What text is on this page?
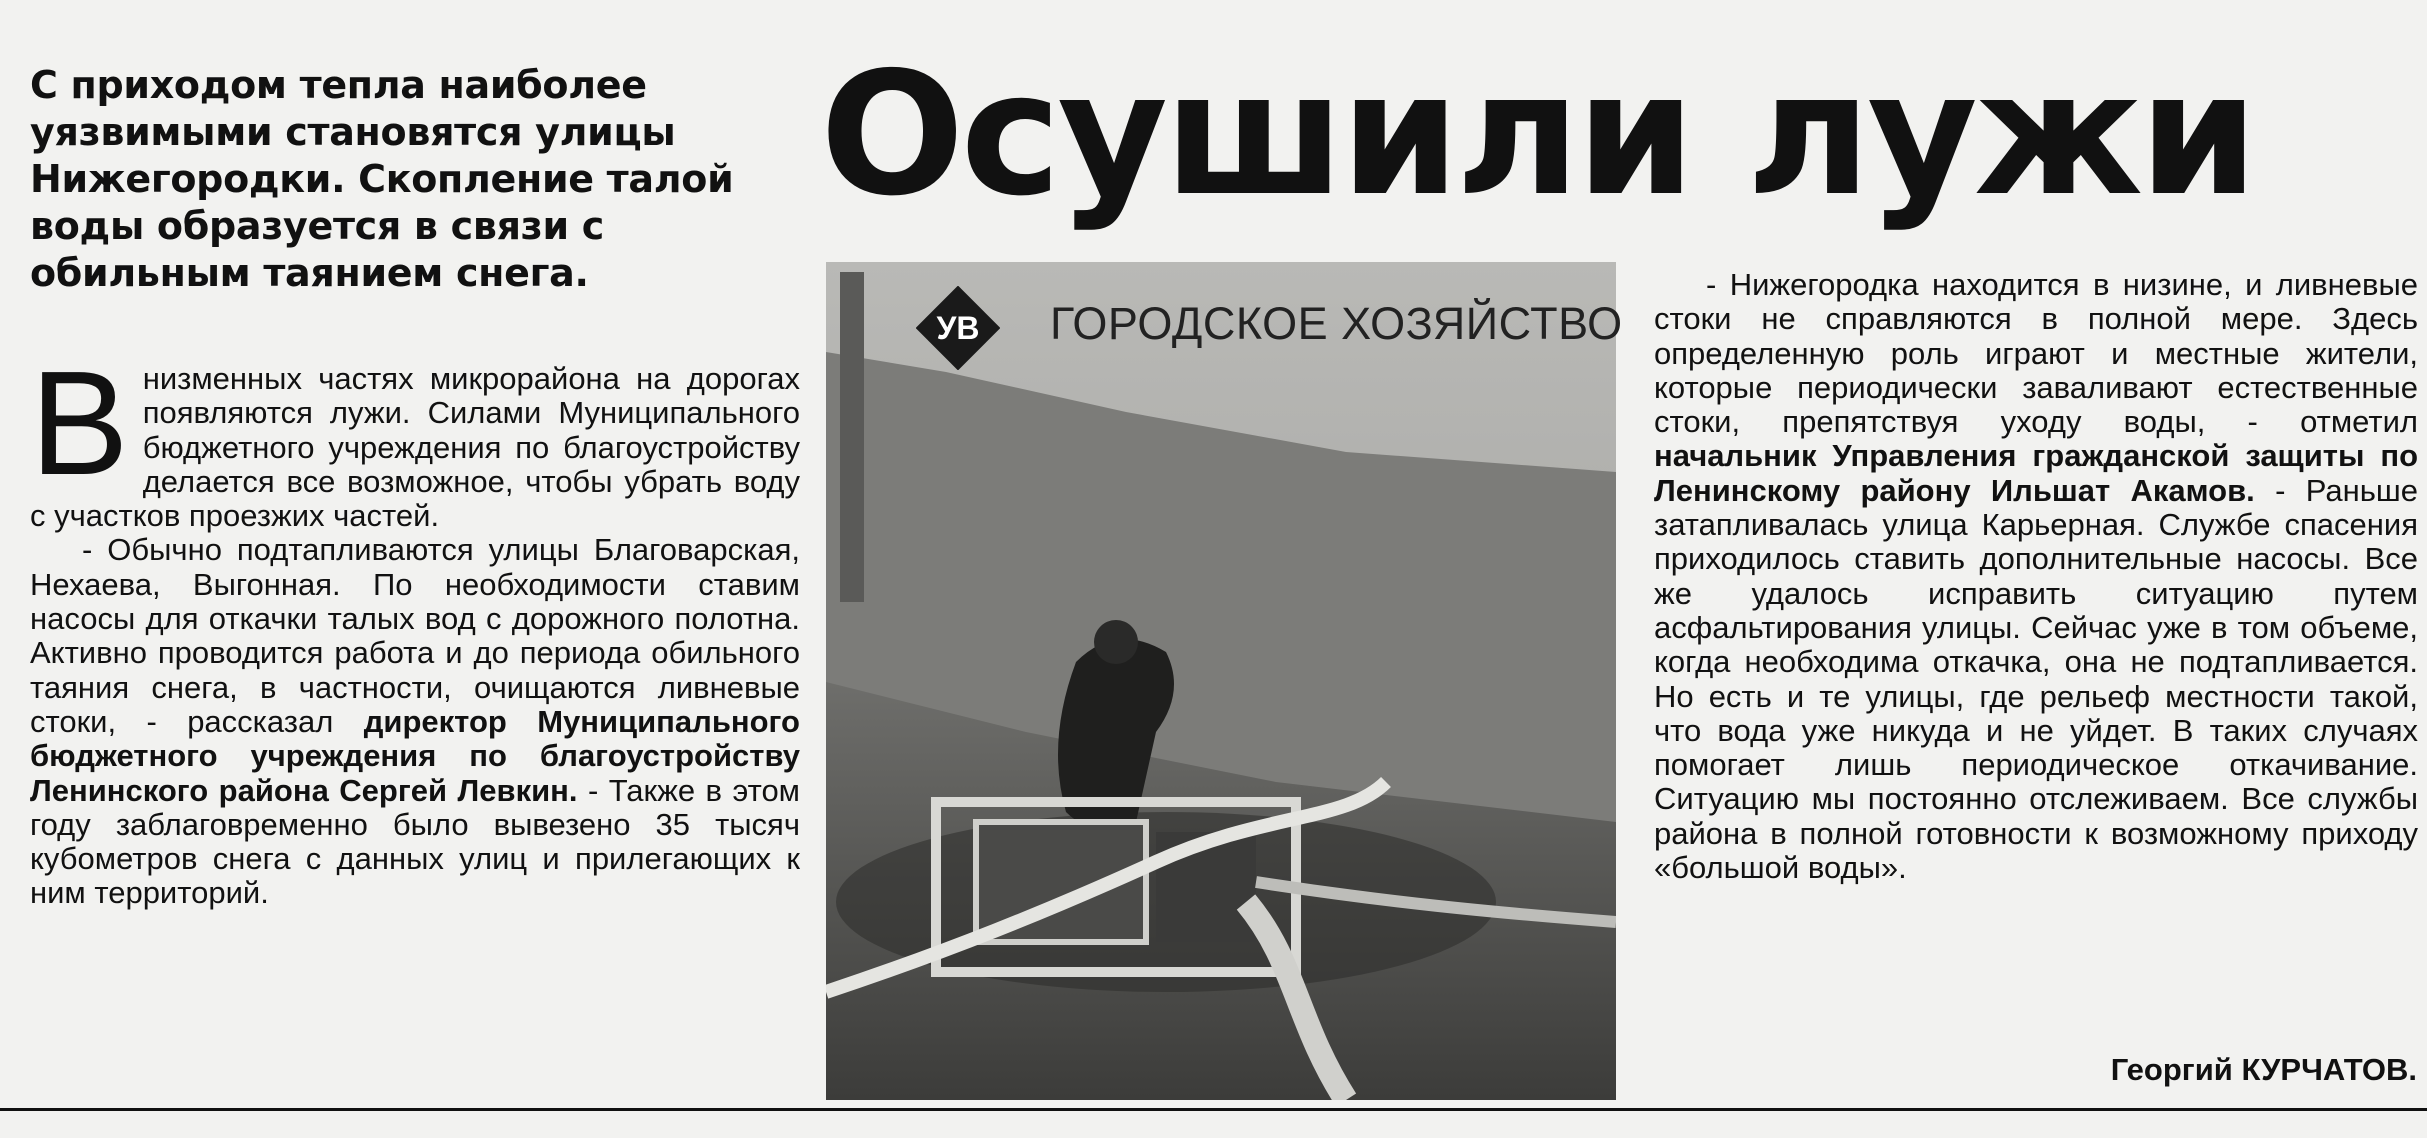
С приходом тепла наиболее
уязвимыми становятся улицы
Нижегородки. Скопление талой
воды образуется в связи с
обильным таянием снега.
Осушили лужи

Внизменных частях микрорайона на дорогах появляются лужи. Силами Муниципального бюджетного учреждения по благоустройству делается все возможное, чтобы убрать воду с участков проезжих частей.

- Обычно подтапливаются улицы Благоварская, Нехаева, Выгонная. По необходимости ставим насосы для откачки талых вод с дорожного полотна. Активно проводится работа и до периода обильного таяния снега, в частности, очищаются ливневые стоки, - рассказал директор Муниципального бюджетного учреждения по благоустройству Ленинского района Сергей Левкин. - Также в этом году заблаговременно было вывезено 35 тысяч кубометров снега с данных улиц и прилегающих к ним территорий.

УВ ГОРОДСКОЕ ХОЗЯЙСТВО

- Нижегородка находится в низине, и ливневые стоки не справляются в полной мере. Здесь определенную роль играют и местные жители, которые периодически заваливают естественные стоки, препятствуя уходу воды, - отметил начальник Управления гражданской защиты по Ленинскому району Ильшат Акамов. - Раньше затапливалась улица Карьерная. Службе спасения приходилось ставить дополнительные насосы. Все же удалось исправить ситуацию путем асфальтирования улицы. Сейчас уже в том объеме, когда необходима откачка, она не подтапливается. Но есть и те улицы, где рельеф местности такой, что вода уже никуда и не уйдет. В таких случаях помогает лишь периодическое откачивание. Ситуацию мы постоянно отслеживаем. Все службы района в полной готовности к возможному приходу «большой воды».

Георгий КУРЧАТОВ.
